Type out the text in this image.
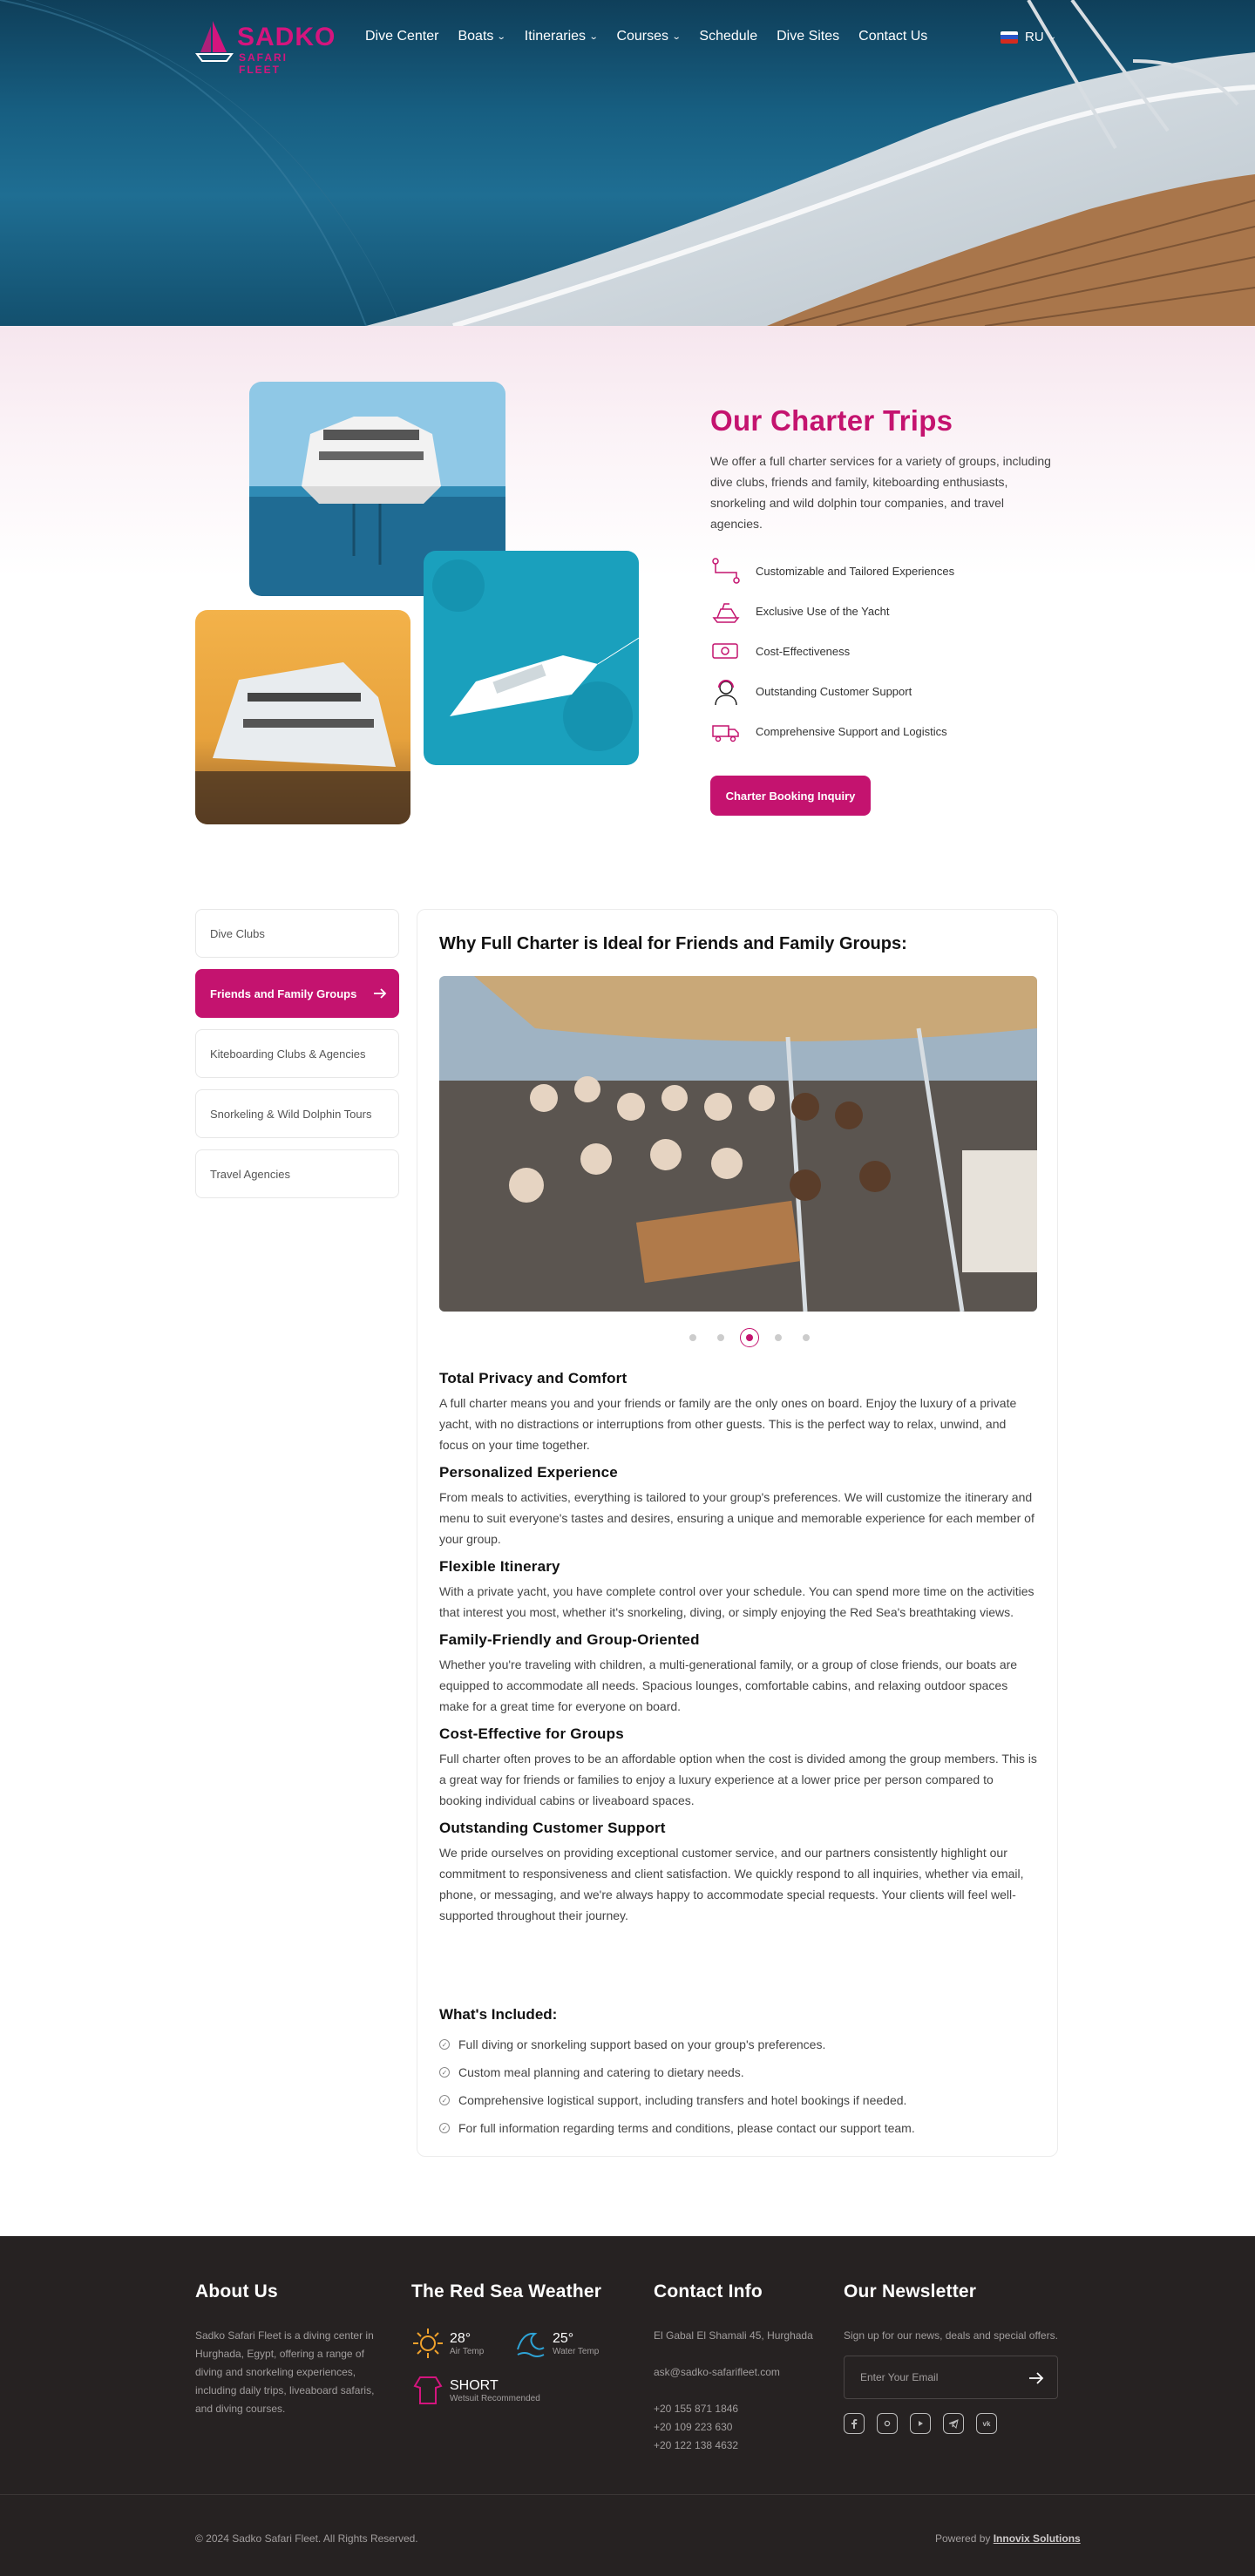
SADKO
SAFARI FLEET
Dive Center Boats ⌄ Itineraries ⌄ Courses ⌄ Schedule Dive Sites Contact Us	RU ⌄
Our Charter Trips
We offer a full charter services for a variety of groups, including dive clubs, friends and family, kiteboarding enthusiasts, snorkeling and wild dolphin tour companies, and travel agencies.
Customizable and Tailored Experiences
Exclusive Use of the Yacht
Cost-Effectiveness
Outstanding Customer Support
Comprehensive Support and Logistics
Charter Booking Inquiry
Dive Clubs
Friends and Family Groups
Kiteboarding Clubs & Agencies
Snorkeling & Wild Dolphin Tours
Travel Agencies
Why Full Charter is Ideal for Friends and Family Groups:
Total Privacy and Comfort

A full charter means you and your friends or family are the only ones on board. Enjoy the luxury of a private yacht, with no distractions or interruptions from other guests. This is the perfect way to relax, unwind, and focus on your time together.

Personalized Experience

From meals to activities, everything is tailored to your group's preferences. We will customize the itinerary and menu to suit everyone's tastes and desires, ensuring a unique and memorable experience for each member of your group.

Flexible Itinerary

With a private yacht, you have complete control over your schedule. You can spend more time on the activities that interest you most, whether it's snorkeling, diving, or simply enjoying the Red Sea's breathtaking views.

Family-Friendly and Group-Oriented

Whether you're traveling with children, a multi-generational family, or a group of close friends, our boats are equipped to accommodate all needs. Spacious lounges, comfortable cabins, and relaxing outdoor spaces make for a great time for everyone on board.

Cost-Effective for Groups

Full charter often proves to be an affordable option when the cost is divided among the group members. This is a great way for friends or families to enjoy a luxury experience at a lower price per person compared to booking individual cabins or liveaboard spaces.

Outstanding Customer Support

We pride ourselves on providing exceptional customer service, and our partners consistently highlight our commitment to responsiveness and client satisfaction. We quickly respond to all inquiries, whether via email, phone, or messaging, and we're always happy to accommodate special requests. Your clients will feel well-supported throughout their journey.

What's Included:
✓ Full diving or snorkeling support based on your group's preferences.
✓ Custom meal planning and catering to dietary needs.
✓ Comprehensive logistical support, including transfers and hotel bookings if needed.
✓ For full information regarding terms and conditions, please contact our support team.
About Us
Sadko Safari Fleet is a diving center in Hurghada, Egypt, offering a range of diving and snorkeling experiences, including daily trips, liveaboard safaris, and diving courses.
The Red Sea Weather
28°
Air Temp
25°
Water Temp
SHORT
Wetsuit Recommended
Contact Info
El Gabal El Shamali 45, Hurghada
ask@sadko-safarifleet.com
+20 155 871 1846
+20 109 223 630
+20 122 138 4632
Our Newsletter
Sign up for our news, deals and special offers.
Enter Your Email
vk
© 2024 Sadko Safari Fleet. All Rights Reserved.	Powered by Innovix Solutions
